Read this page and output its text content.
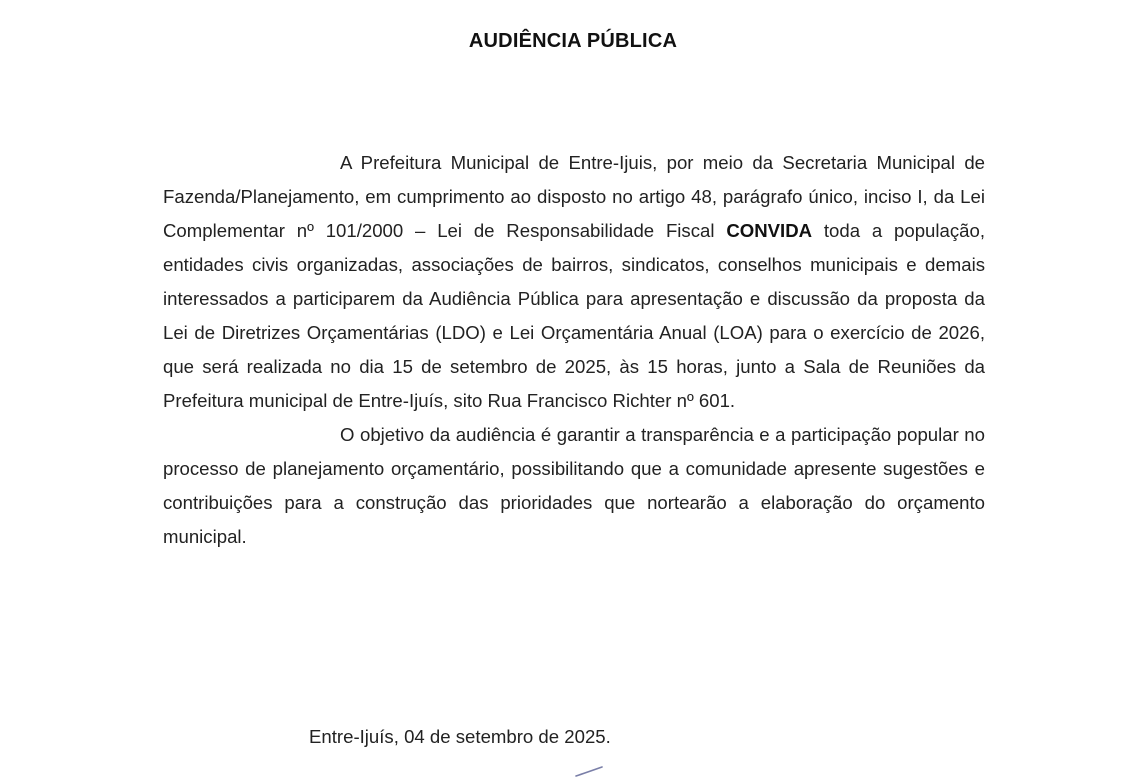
AUDIÊNCIA PÚBLICA

A Prefeitura Municipal de Entre-Ijuis, por meio da Secretaria Municipal de Fazenda/Planejamento, em cumprimento ao disposto no artigo 48, parágrafo único, inciso I, da Lei Complementar nº 101/2000 – Lei de Responsabilidade Fiscal CONVIDA toda a população, entidades civis organizadas, associações de bairros, sindicatos, conselhos municipais e demais interessados a participarem da Audiência Pública para apresentação e discussão da proposta da Lei de Diretrizes Orçamentárias (LDO) e Lei Orçamentária Anual (LOA) para o exercício de 2026, que será realizada no dia 15 de setembro de 2025, às 15 horas, junto a Sala de Reuniões da Prefeitura municipal de Entre-Ijuís, sito Rua Francisco Richter nº 601.

O objetivo da audiência é garantir a transparência e a participação popular no processo de planejamento orçamentário, possibilitando que a comunidade apresente sugestões e contribuições para a construção das prioridades que nortearão a elaboração do orçamento municipal.

Entre-Ijuís, 04 de setembro de 2025.
